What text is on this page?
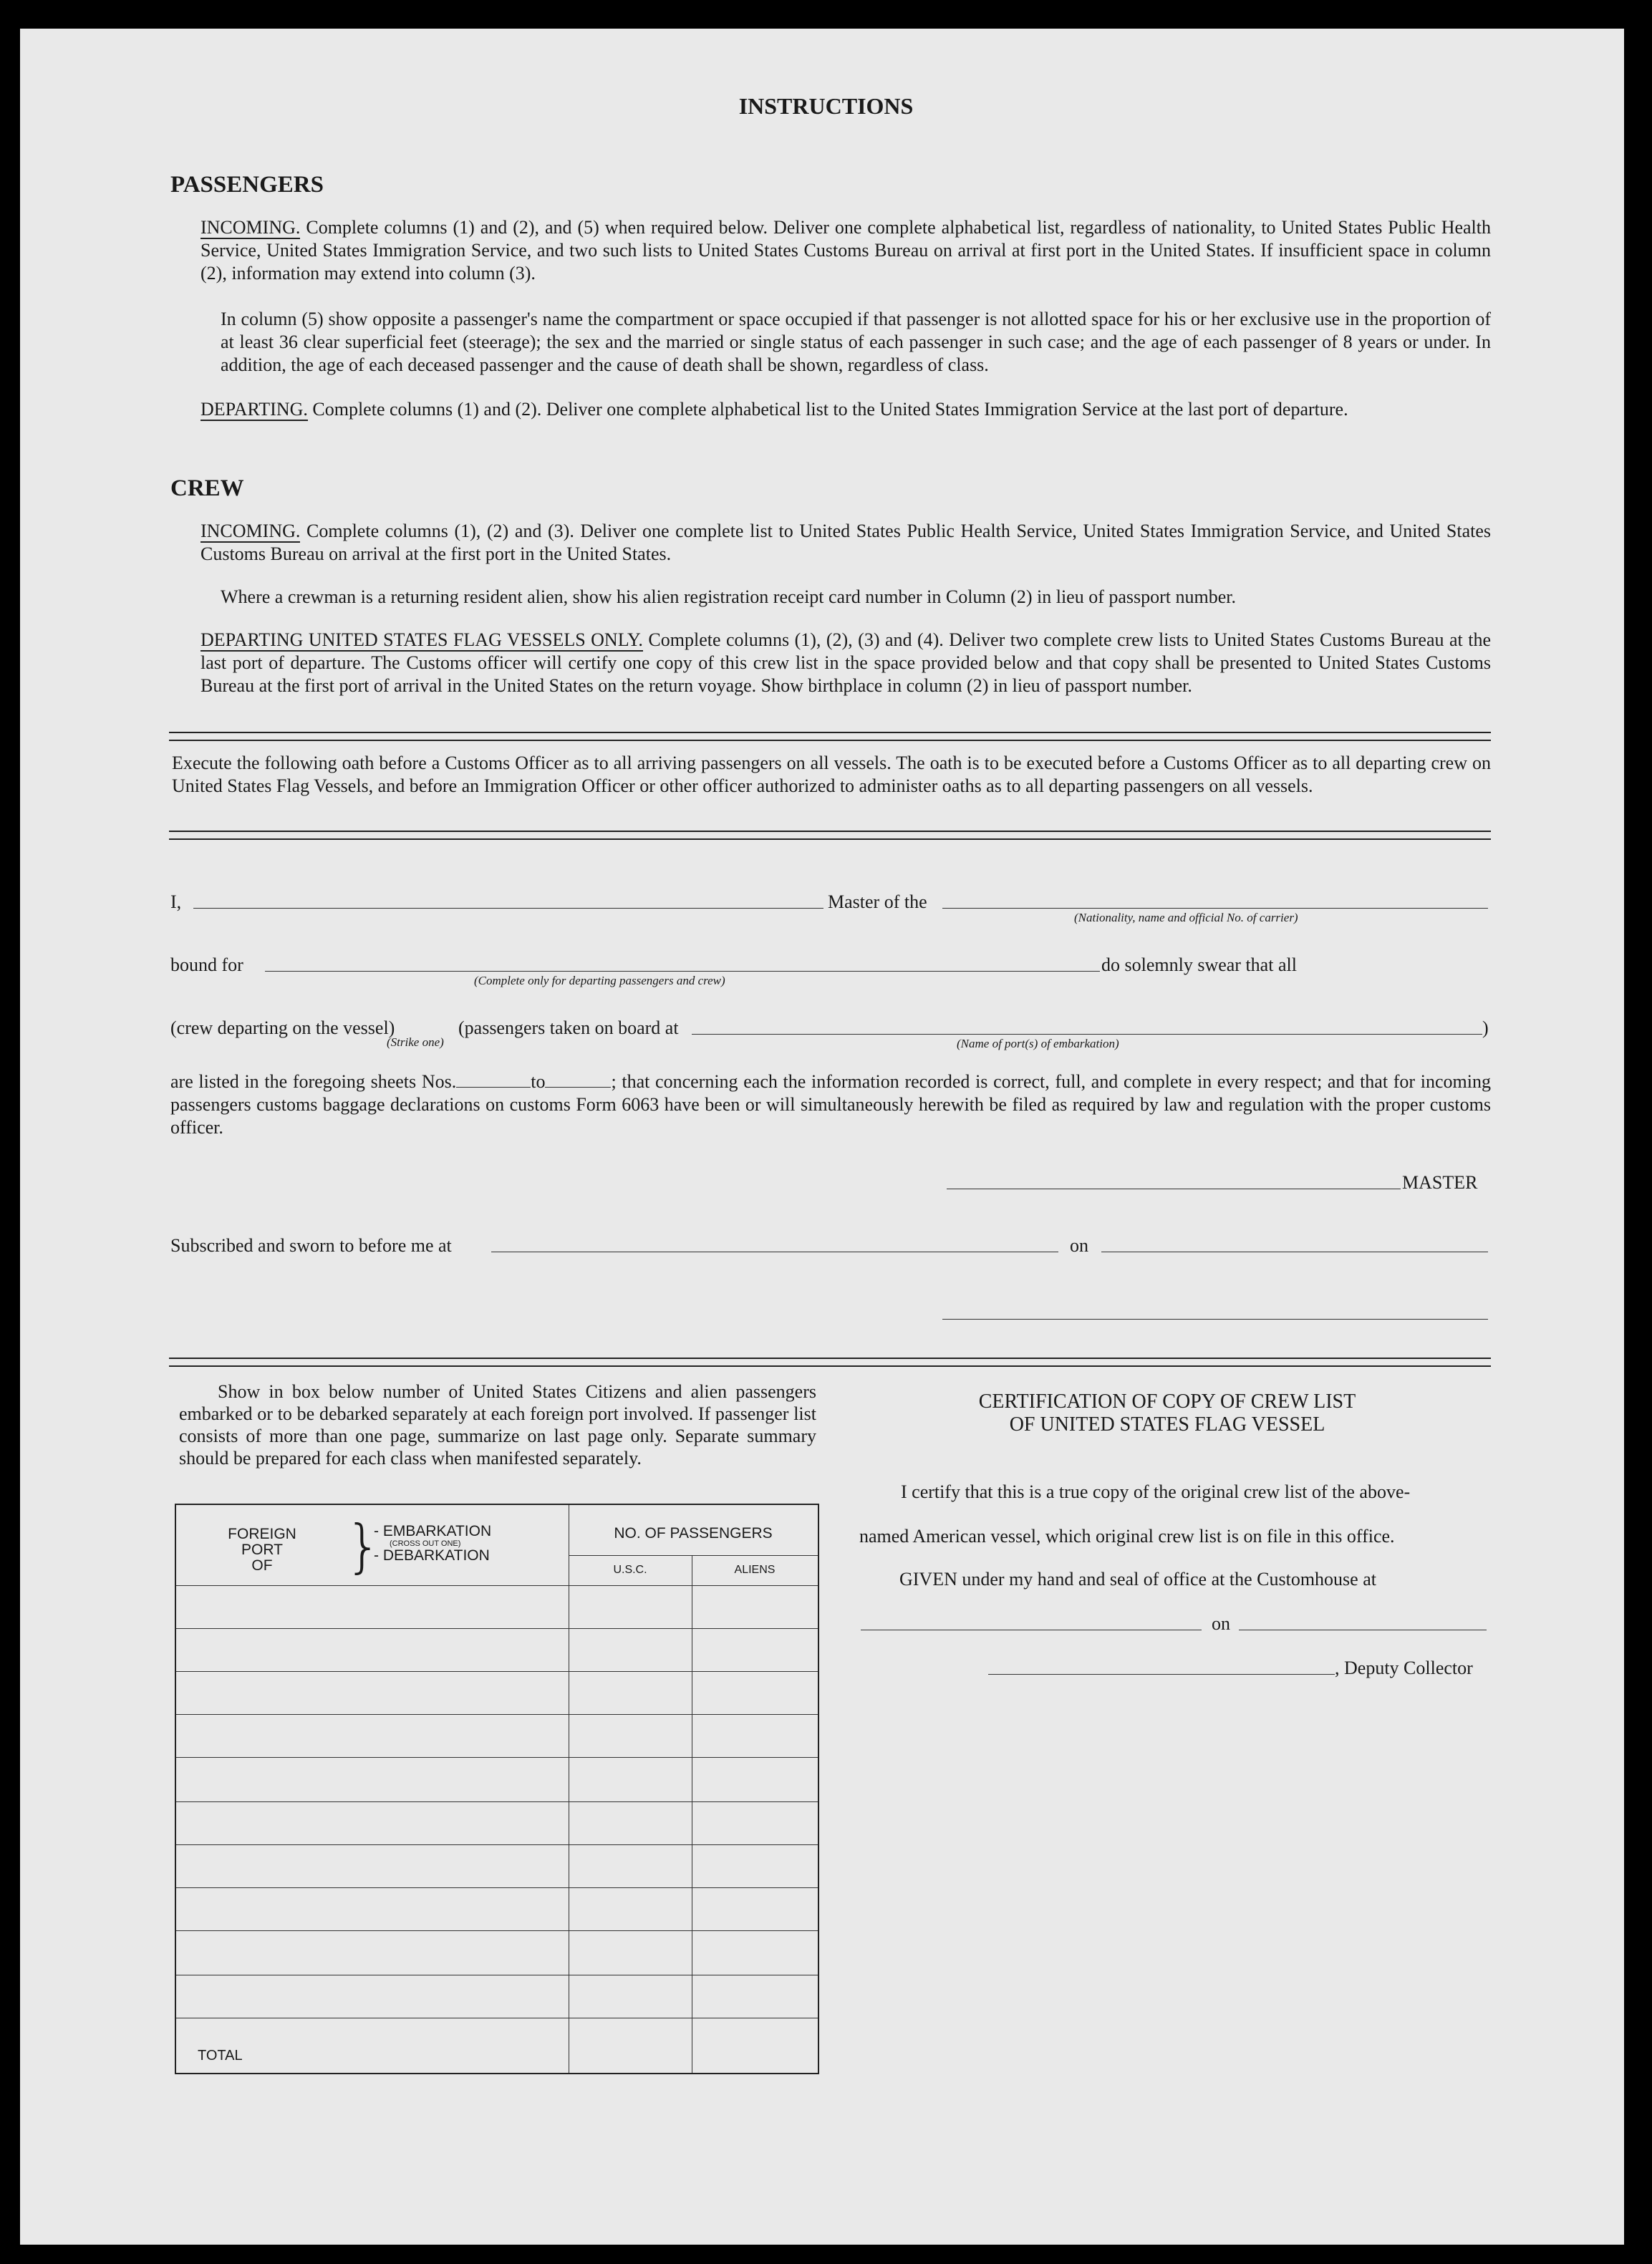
INSTRUCTIONS
PASSENGERS
INCOMING. Complete columns (1) and (2), and (5) when required below. Deliver one complete alphabetical list, regardless of nationality, to United States Public Health Service, United States Immigration Service, and two such lists to United States Customs Bureau on arrival at first port in the United States. If insufficient space in column (2), information may extend into column (3).
In column (5) show opposite a passenger's name the compartment or space occupied if that passenger is not allotted space for his or her exclusive use in the proportion of at least 36 clear superficial feet (steerage); the sex and the married or single status of each passenger in such case; and the age of each passenger of 8 years or under. In addition, the age of each deceased passenger and the cause of death shall be shown, regardless of class.
DEPARTING. Complete columns (1) and (2). Deliver one complete alphabetical list to the United States Immigration Service at the last port of departure.
CREW
INCOMING. Complete columns (1), (2) and (3). Deliver one complete list to United States Public Health Service, United States Immigration Service, and United States Customs Bureau on arrival at the first port in the United States.
Where a crewman is a returning resident alien, show his alien registration receipt card number in Column (2) in lieu of passport number.
DEPARTING UNITED STATES FLAG VESSELS ONLY. Complete columns (1), (2), (3) and (4). Deliver two complete crew lists to United States Customs Bureau at the last port of departure. The Customs officer will certify one copy of this crew list in the space provided below and that copy shall be presented to United States Customs Bureau at the first port of arrival in the United States on the return voyage. Show birthplace in column (2) in lieu of passport number.
Execute the following oath before a Customs Officer as to all arriving passengers on all vessels. The oath is to be executed before a Customs Officer as to all departing crew on United States Flag Vessels, and before an Immigration Officer or other officer authorized to administer oaths as to all departing passengers on all vessels.
I,	Master of the
(Nationality, name and official No. of carrier)
bound for
(Complete only for departing passengers and crew)
do solemnly swear that all
(crew departing on the vessel)	(passengers taken on board at
(Strike one)	(Name of port(s) of embarkation)
)
are listed in the foregoing sheets Nos.	to	; that concerning each the information recorded is correct, full, and complete in every respect; and that for incoming passengers customs baggage declarations on customs Form 6063 have been or will simultaneously herewith be filed as required by law and regulation with the proper customs officer.
MASTER
Subscribed and sworn to before me at	on
Show in box below number of United States Citizens and alien passengers embarked or to be debarked separately at each foreign port involved. If passenger list consists of more than one page, summarize on last page only. Separate summary should be prepared for each class when manifested separately.
FOREIGN
PORT
OF	}
- EMBARKATION
(CROSS OUT ONE)
- DEBARKATION
NO. OF PASSENGERS
U.S.C.	ALIENS
TOTAL
CERTIFICATION OF COPY OF CREW LIST
OF UNITED STATES FLAG VESSEL
I certify that this is a true copy of the original crew list of the above-
named American vessel, which original crew list is on file in this office.
GIVEN under my hand and seal of office at the Customhouse at
on
, Deputy Collector
